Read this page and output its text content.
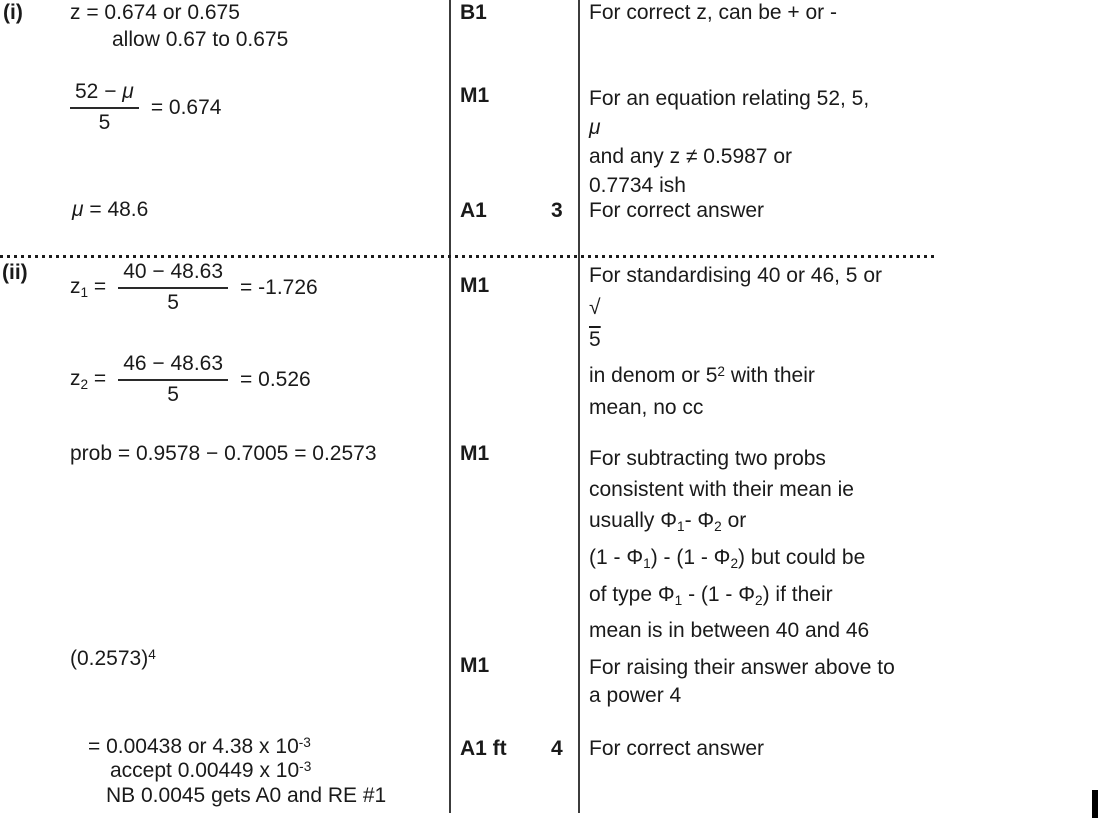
(i) z = 0.674 or 0.675
allow 0.67 to 0.675
$\frac{52 - \mu}{5} = 0.674$
μ = 48.6
B1
M1
A1	3
For correct z, can be + or -
For an equation relating 52, 5,
μ
and any z ≠ 0.5987 or
0.7734 ish
For correct answer
(ii)
$z_1 = \frac{40 - 48.63}{5} = -1.726$
$z_2 = \frac{46 - 48.63}{5} = 0.526$
prob = 0.9578 − 0.7005 = 0.2573
$(0.2573)^4$
= 0.00438 or 4.38 x $10^{-3}$
accept 0.00449 x $10^{-3}$
NB 0.0045 gets A0 and RE #1
M1
M1
M1
A1 ft 4
For standardising 40 or 46, 5 or
√
5
in denom or $5^2$ with their
mean, no cc
For subtracting two probs
consistent with their mean ie
usually $\Phi_1-$ $\Phi_2$ or
$(1 - \Phi_1) - (1 - \Phi_2)$ but could be
of type $\Phi_1 - (1 - \Phi_2)$ if their
mean is in between 40 and 46
For raising their answer above to
a power 4
For correct answer
